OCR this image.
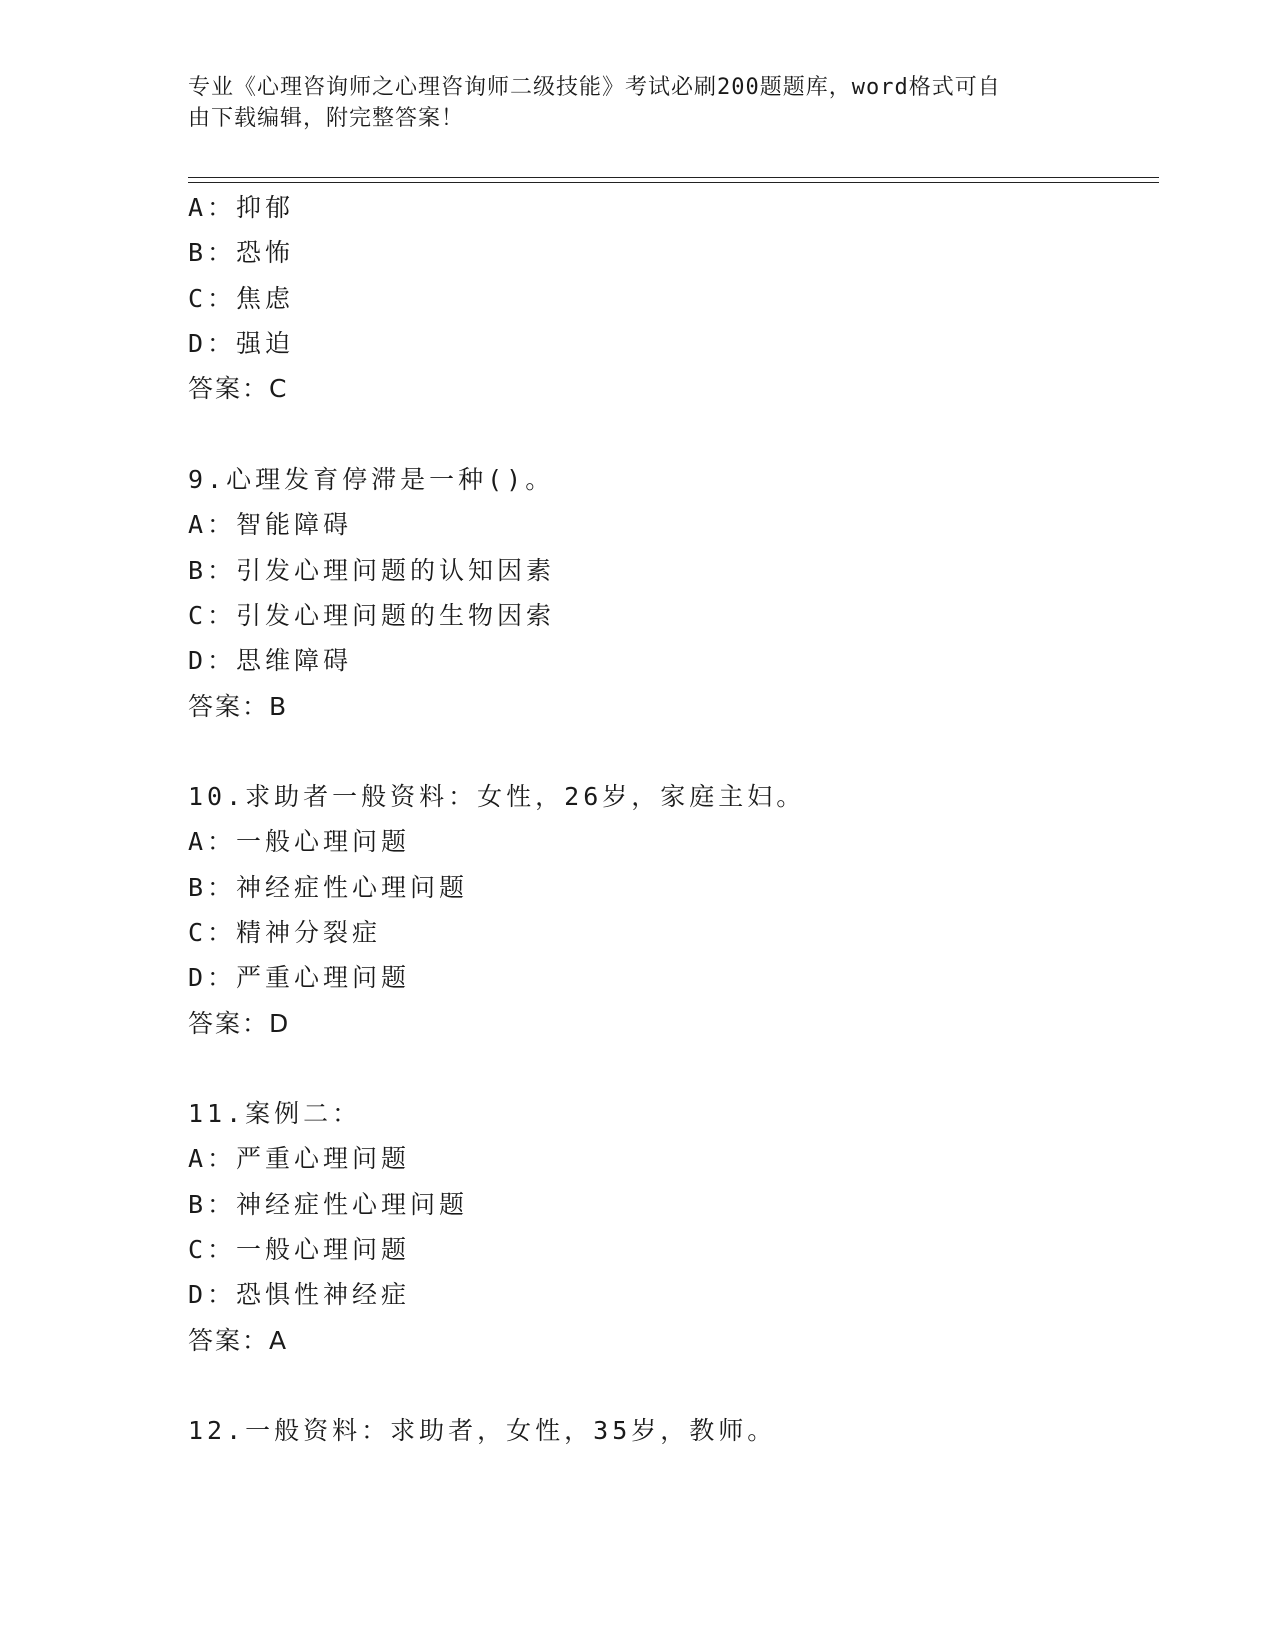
专业《心理咨询师之心理咨询师二级技能》考试必刷200题题库，word格式可自
由下载编辑，附完整答案！
A：抑郁
B：恐怖
C：焦虑
D：强迫
答案：C
9.心理发育停滞是一种()。
A：智能障碍
B：引发心理问题的认知因素
C：引发心理问题的生物因索
D：思维障碍
答案：B
10.求助者一般资料：女性，26岁，家庭主妇。
A：一般心理问题
B：神经症性心理问题
C：精神分裂症
D：严重心理问题
答案：D
11.案例二：
A：严重心理问题
B：神经症性心理问题
C：一般心理问题
D：恐惧性神经症
答案：A
12.一般资料：求助者，女性，35岁，教师。
